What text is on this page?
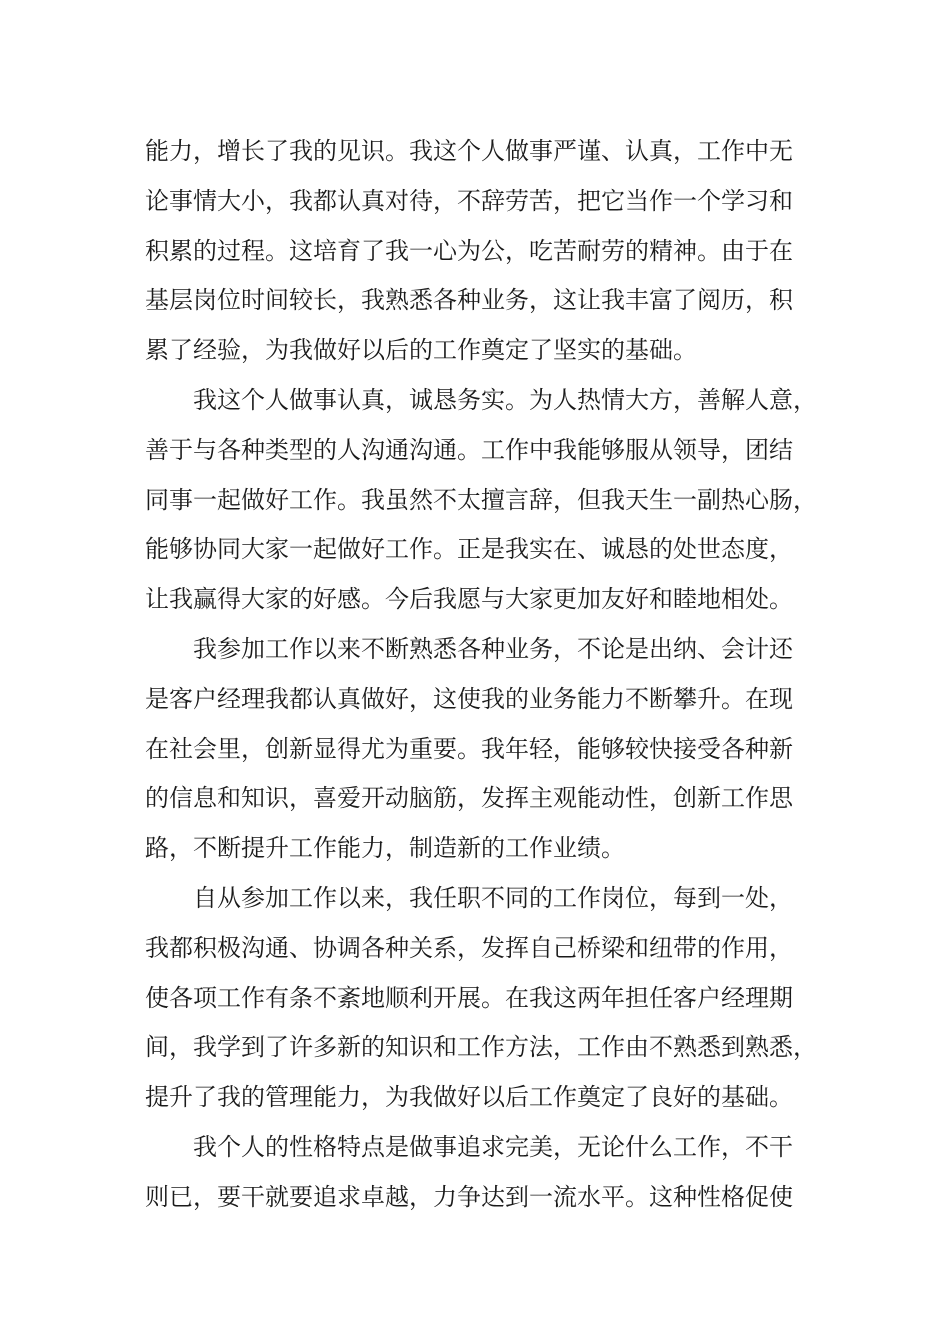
能力，增长了我的见识。我这个人做事严谨、认真，工作中无
论事情大小，我都认真对待，不辞劳苦，把它当作一个学习和
积累的过程。这培育了我一心为公，吃苦耐劳的精神。由于在
基层岗位时间较长，我熟悉各种业务，这让我丰富了阅历，积
累了经验，为我做好以后的工作奠定了坚实的基础。
我这个人做事认真，诚恳务实。为人热情大方，善解人意，
善于与各种类型的人沟通沟通。工作中我能够服从领导，团结
同事一起做好工作。我虽然不太擅言辞，但我天生一副热心肠，
能够协同大家一起做好工作。正是我实在、诚恳的处世态度，
让我赢得大家的好感。今后我愿与大家更加友好和睦地相处。
我参加工作以来不断熟悉各种业务，不论是出纳、会计还
是客户经理我都认真做好，这使我的业务能力不断攀升。在现
在社会里，创新显得尤为重要。我年轻，能够较快接受各种新
的信息和知识，喜爱开动脑筋，发挥主观能动性，创新工作思
路，不断提升工作能力，制造新的工作业绩。
自从参加工作以来，我任职不同的工作岗位，每到一处，
我都积极沟通、协调各种关系，发挥自己桥梁和纽带的作用，
使各项工作有条不紊地顺利开展。在我这两年担任客户经理期
间，我学到了许多新的知识和工作方法，工作由不熟悉到熟悉，
提升了我的管理能力，为我做好以后工作奠定了良好的基础。
我个人的性格特点是做事追求完美，无论什么工作，不干
则已，要干就要追求卓越，力争达到一流水平。这种性格促使
